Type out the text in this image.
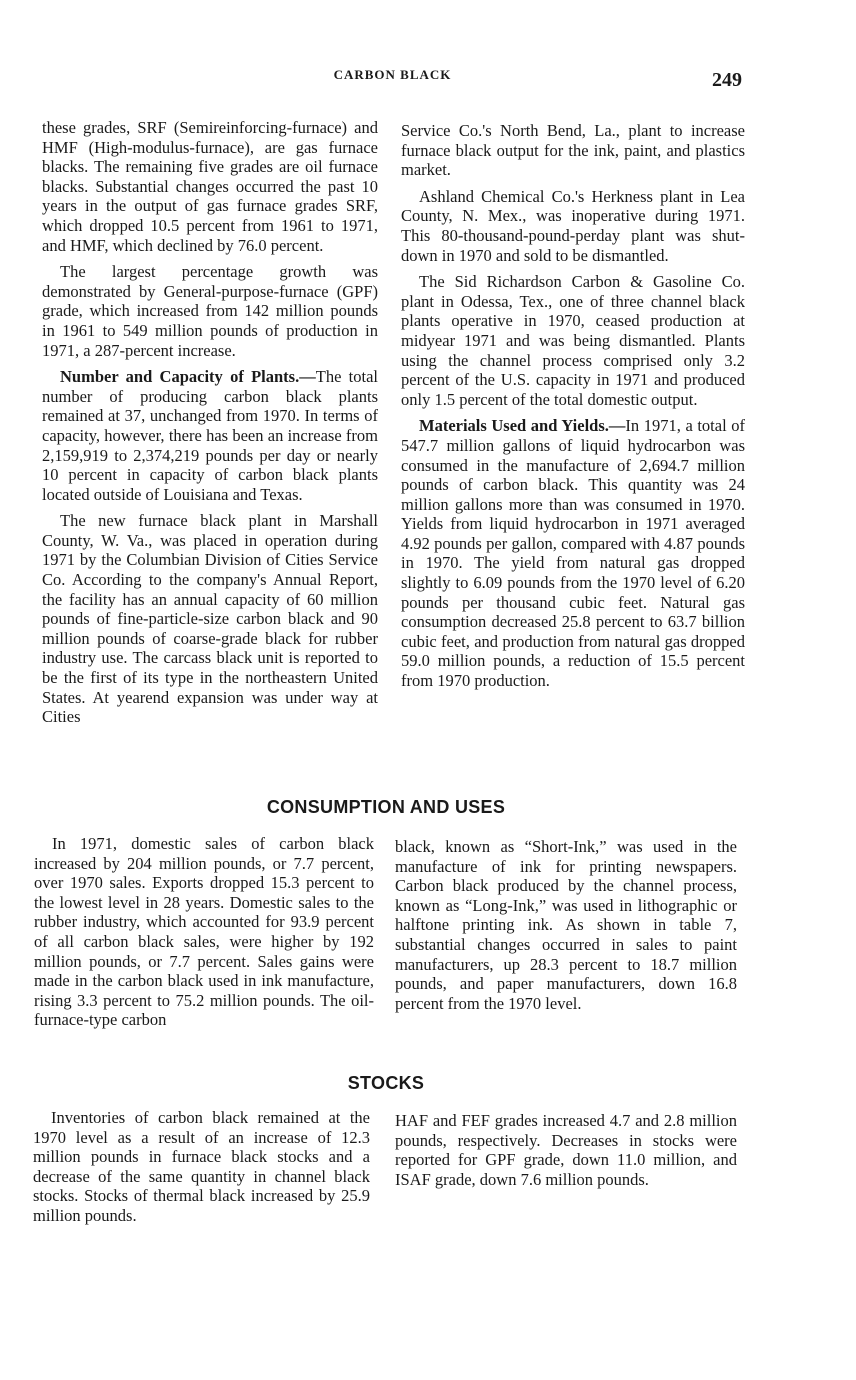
CARBON BLACK	249

these grades, SRF (Semireinforcing-furnace) and HMF (High-modulus-furnace), are gas furnace blacks. The remaining five grades are oil furnace blacks. Substantial changes occurred the past 10 years in the output of gas furnace grades SRF, which dropped 10.5 percent from 1961 to 1971, and HMF, which declined by 76.0 percent.

The largest percentage growth was demonstrated by General-purpose-furnace (GPF) grade, which increased from 142 million pounds in 1961 to 549 million pounds of production in 1971, a 287-percent increase.

Number and Capacity of Plants.—The total number of producing carbon black plants remained at 37, unchanged from 1970. In terms of capacity, however, there has been an increase from 2,159,919 to 2,374,219 pounds per day or nearly 10 percent in capacity of carbon black plants located outside of Louisiana and Texas.

The new furnace black plant in Marshall County, W. Va., was placed in operation during 1971 by the Columbian Division of Cities Service Co. According to the company's Annual Report, the facility has an annual capacity of 60 million pounds of fine-particle-size carbon black and 90 million pounds of coarse-grade black for rubber industry use. The carcass black unit is reported to be the first of its type in the northeastern United States. At yearend expansion was under way at Cities

Service Co.'s North Bend, La., plant to increase furnace black output for the ink, paint, and plastics market.

Ashland Chemical Co.'s Herkness plant in Lea County, N. Mex., was inoperative during 1971. This 80-thousand-pound-perday plant was shut-down in 1970 and sold to be dismantled.

The Sid Richardson Carbon & Gasoline Co. plant in Odessa, Tex., one of three channel black plants operative in 1970, ceased production at midyear 1971 and was being dismantled. Plants using the channel process comprised only 3.2 percent of the U.S. capacity in 1971 and produced only 1.5 percent of the total domestic output.

Materials Used and Yields.—In 1971, a total of 547.7 million gallons of liquid hydrocarbon was consumed in the manufacture of 2,694.7 million pounds of carbon black. This quantity was 24 million gallons more than was consumed in 1970. Yields from liquid hydrocarbon in 1971 averaged 4.92 pounds per gallon, compared with 4.87 pounds in 1970. The yield from natural gas dropped slightly to 6.09 pounds from the 1970 level of 6.20 pounds per thousand cubic feet. Natural gas consumption decreased 25.8 percent to 63.7 billion cubic feet, and production from natural gas dropped 59.0 million pounds, a reduction of 15.5 percent from 1970 production.

CONSUMPTION AND USES

In 1971, domestic sales of carbon black increased by 204 million pounds, or 7.7 percent, over 1970 sales. Exports dropped 15.3 percent to the lowest level in 28 years. Domestic sales to the rubber industry, which accounted for 93.9 percent of all carbon black sales, were higher by 192 million pounds, or 7.7 percent. Sales gains were made in the carbon black used in ink manufacture, rising 3.3 percent to 75.2 million pounds. The oil-furnace-type carbon

black, known as “Short-Ink,” was used in the manufacture of ink for printing newspapers. Carbon black produced by the channel process, known as “Long-Ink,” was used in lithographic or halftone printing ink. As shown in table 7, substantial changes occurred in sales to paint manufacturers, up 28.3 percent to 18.7 million pounds, and paper manufacturers, down 16.8 percent from the 1970 level.

STOCKS

Inventories of carbon black remained at the 1970 level as a result of an increase of 12.3 million pounds in furnace black stocks and a decrease of the same quantity in channel black stocks. Stocks of thermal black increased by 25.9 million pounds.

HAF and FEF grades increased 4.7 and 2.8 million pounds, respectively. Decreases in stocks were reported for GPF grade, down 11.0 million, and ISAF grade, down 7.6 million pounds.
